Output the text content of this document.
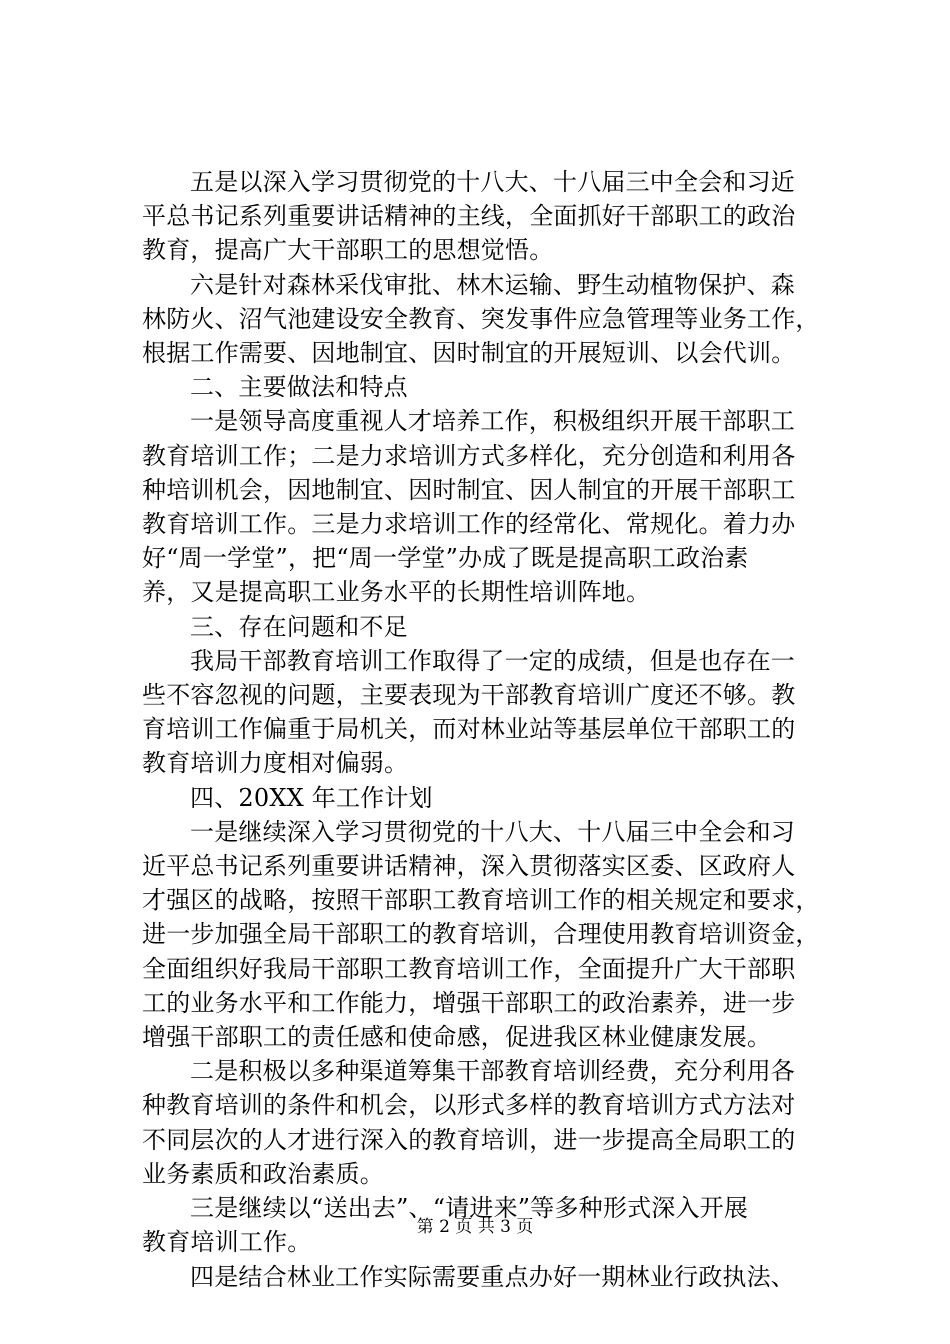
五是以深入学习贯彻党的十八大、十八届三中全会和习近
平总书记系列重要讲话精神的主线，全面抓好干部职工的政治
教育，提高广大干部职工的思想觉悟。

六是针对森林采伐审批、林木运输、野生动植物保护、森
林防火、沼气池建设安全教育、突发事件应急管理等业务工作，
根据工作需要、因地制宜、因时制宜的开展短训、以会代训。

二、主要做法和特点

一是领导高度重视人才培养工作，积极组织开展干部职工
教育培训工作；二是力求培训方式多样化，充分创造和利用各
种培训机会，因地制宜、因时制宜、因人制宜的开展干部职工
教育培训工作。三是力求培训工作的经常化、常规化。着力办
好“周一学堂”，把“周一学堂”办成了既是提高职工政治素
养，又是提高职工业务水平的长期性培训阵地。

三、存在问题和不足

我局干部教育培训工作取得了一定的成绩，但是也存在一
些不容忽视的问题，主要表现为干部教育培训广度还不够。教
育培训工作偏重于局机关，而对林业站等基层单位干部职工的
教育培训力度相对偏弱。

四、20XX 年工作计划

一是继续深入学习贯彻党的十八大、十八届三中全会和习
近平总书记系列重要讲话精神，深入贯彻落实区委、区政府人
才强区的战略，按照干部职工教育培训工作的相关规定和要求，
进一步加强全局干部职工的教育培训，合理使用教育培训资金，
全面组织好我局干部职工教育培训工作，全面提升广大干部职
工的业务水平和工作能力，增强干部职工的政治素养，进一步
增强干部职工的责任感和使命感，促进我区林业健康发展。

二是积极以多种渠道筹集干部教育培训经费，充分利用各
种教育培训的条件和机会，以形式多样的教育培训方式方法对
不同层次的人才进行深入的教育培训，进一步提高全局职工的
业务素质和政治素质。

三是继续以“送出去”、“请进来”等多种形式深入开展
教育培训工作。

四是结合林业工作实际需要重点办好一期林业行政执法、

第 2 页 共 3 页
